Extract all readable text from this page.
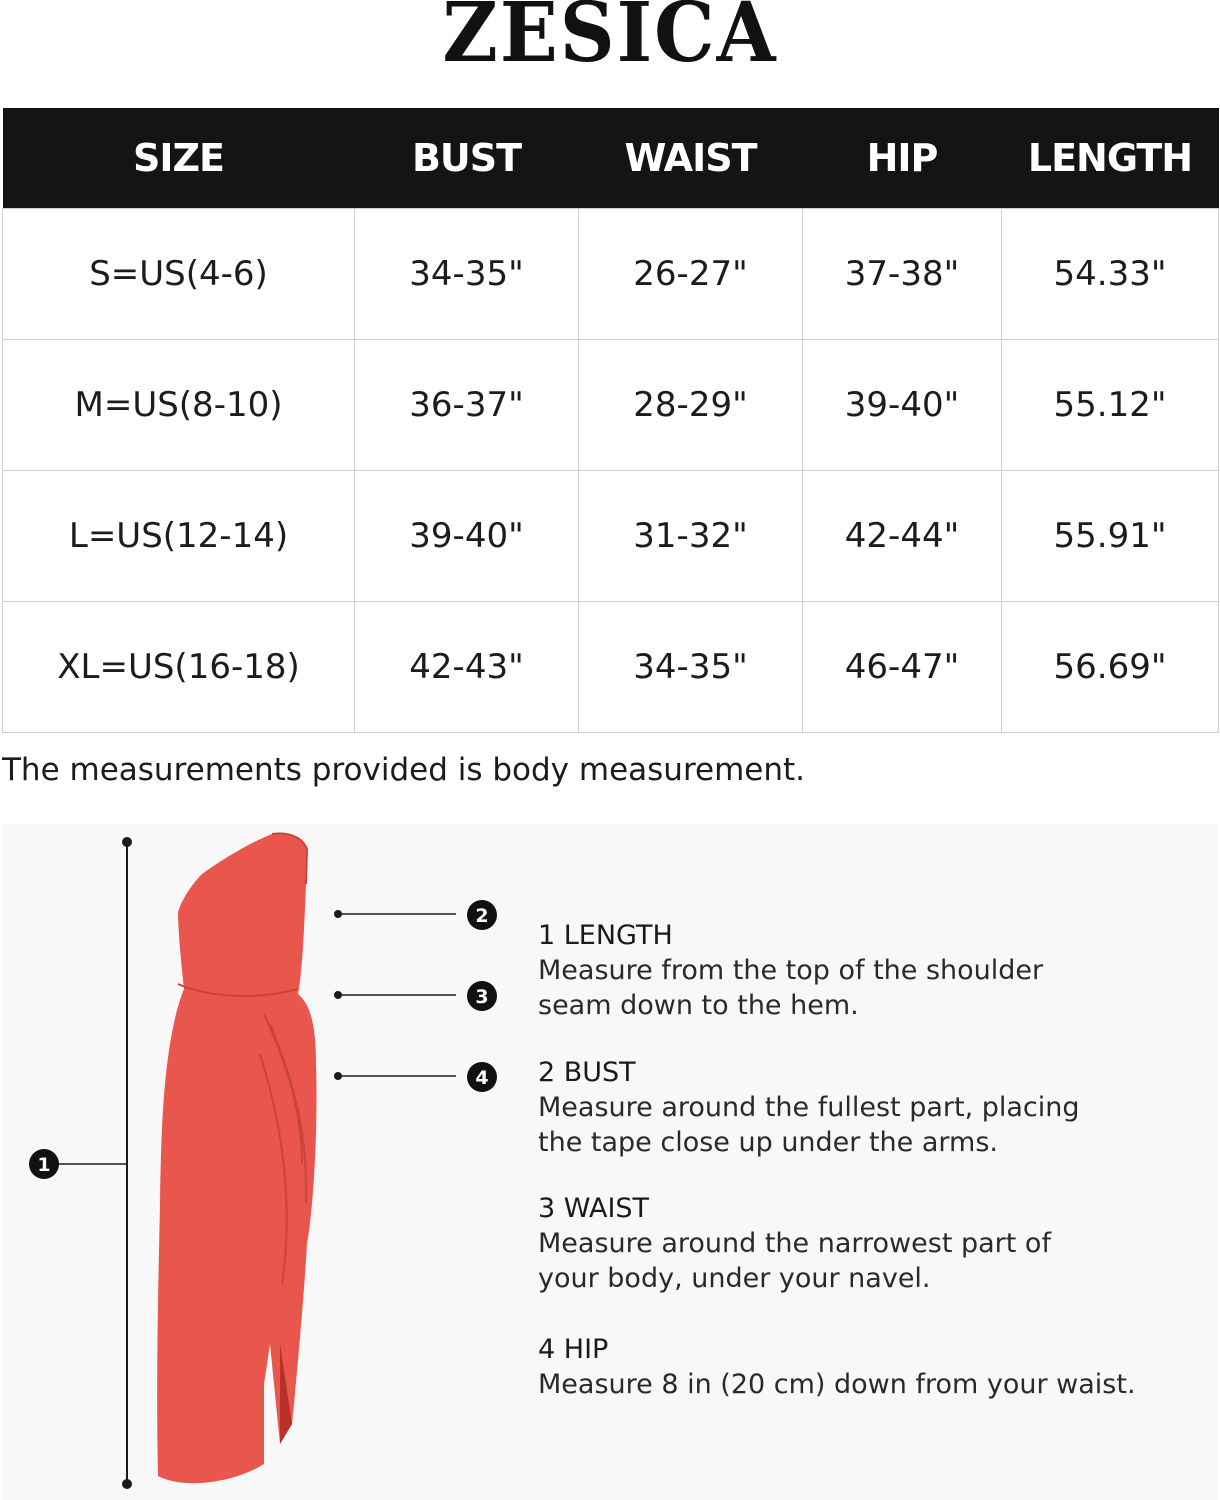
ZESICA
SIZE	BUST	WAIST	HIP	LENGTH
S=US(4-6)	34-35"	26-27"	37-38"	54.33"
M=US(8-10)	36-37"	28-29"	39-40"	55.12"
L=US(12-14)	39-40"	31-32"	42-44"	55.91"
XL=US(16-18)	42-43"	34-35"	46-47"	56.69"
The measurements provided is body measurement.
1
2
3
4
1 LENGTH
Measure from the top of the shoulder
seam down to the hem.
2 BUST
Measure around the fullest part, placing
the tape close up under the arms.
3 WAIST
Measure around the narrowest part of
your body, under your navel.
4 HIP
Measure 8 in (20 cm) down from your waist.
